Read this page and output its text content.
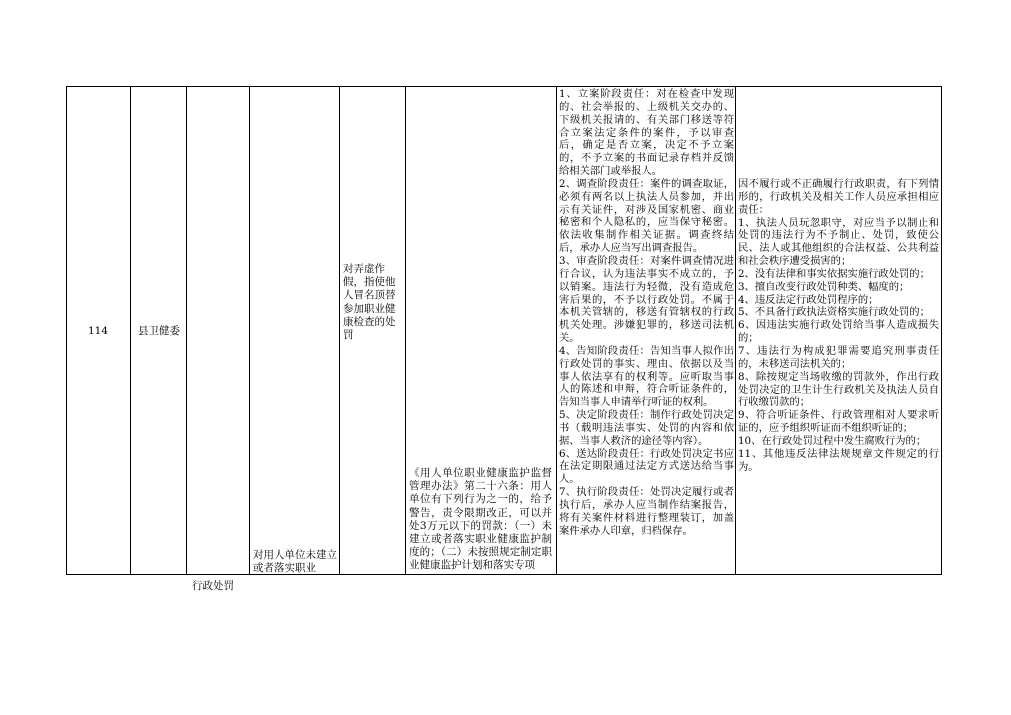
114	县卫健委
行政处罚
对用人单位未建立或者落实职业
对弄虚作假，指使他人冒名顶替参加职业健康检查的处罚
《用人单位职业健康监护监督管理办法》第二十六条：用人单位有下列行为之一的，给予警告，责令限期改正，可以并处3万元以下的罚款：（一）未建立或者落实职业健康监护制度的；（二）未按照规定制定职业健康监护计划和落实专项
1、立案阶段责任：对在检查中发现的、社会举报的、上级机关交办的、下级机关报请的、有关部门移送等符合立案法定条件的案件，予以审查后，确定是否立案，决定不予立案的，不予立案的书面记录存档并反馈给相关部门或举报人。
2、调查阶段责任：案件的调查取证，必须有两名以上执法人员参加，并出示有关证件，对涉及国家机密、商业秘密和个人隐私的，应当保守秘密。依法收集制作相关证据。调查终结后，承办人应当写出调查报告。
3、审查阶段责任：对案件调查情况进行合议，认为违法事实不成立的，予以销案。违法行为轻微，没有造成危害后果的，不予以行政处罚。不属于本机关管辖的，移送有管辖权的行政机关处理。涉嫌犯罪的，移送司法机关。
4、告知阶段责任：告知当事人拟作出行政处罚的事实、理由、依据以及当事人依法享有的权利等。应听取当事人的陈述和申辩，符合听证条件的，告知当事人申请举行听证的权利。
5、决定阶段责任：制作行政处罚决定书（载明违法事实、处罚的内容和依据、当事人救济的途径等内容）。
6、送达阶段责任：行政处罚决定书应在法定期限通过法定方式送达给当事人。
7、执行阶段责任：处罚决定履行或者执行后，承办人应当制作结案报告，将有关案件材料进行整理装订，加盖案件承办人印章，归档保存。
因不履行或不正确履行行政职责，有下列情形的，行政机关及相关工作人员应承担相应责任：
1、执法人员玩忽职守，对应当予以制止和处罚的违法行为不予制止、处罚，致使公民、法人或其他组织的合法权益、公共利益和社会秩序遭受损害的；
2、没有法律和事实依据实施行政处罚的；
3、擅自改变行政处罚种类、幅度的；
4、违反法定行政处罚程序的；
5、不具备行政执法资格实施行政处罚的；
6、因违法实施行政处罚给当事人造成损失的；
7、违法行为构成犯罪需要追究刑事责任的，未移送司法机关的；
8、除按规定当场收缴的罚款外，作出行政处罚决定的卫生计生行政机关及执法人员自行收缴罚款的；
9、符合听证条件、行政管理相对人要求听证的，应予组织听证而不组织听证的；
10、在行政处罚过程中发生腐败行为的；
11、其他违反法律法规规章文件规定的行为。
